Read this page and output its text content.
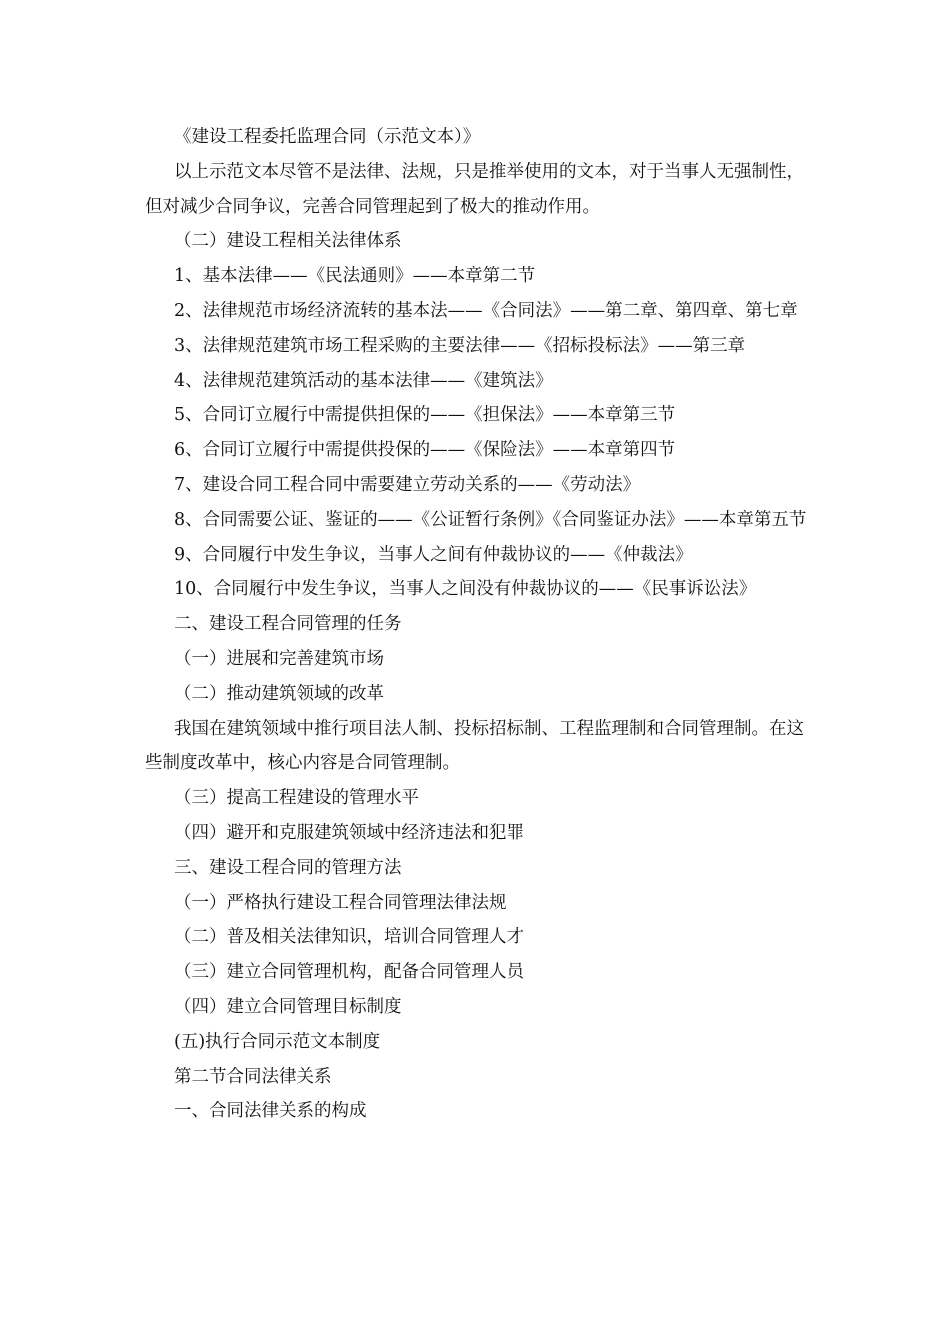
《建设工程委托监理合同（示范文本）》

以上示范文本尽管不是法律、法规，只是推举使用的文本，对于当事人无强制性，但对减少合同争议，完善合同管理起到了极大的推动作用。

（二）建设工程相关法律体系

1、基本法律——《民法通则》——本章第二节

2、法律规范市场经济流转的基本法——《合同法》——第二章、第四章、第七章

3、法律规范建筑市场工程采购的主要法律——《招标投标法》——第三章

4、法律规范建筑活动的基本法律——《建筑法》

5、合同订立履行中需提供担保的——《担保法》——本章第三节

6、合同订立履行中需提供投保的——《保险法》——本章第四节

7、建设合同工程合同中需要建立劳动关系的——《劳动法》

8、合同需要公证、鉴证的——《公证暂行条例》《合同鉴证办法》——本章第五节

9、合同履行中发生争议，当事人之间有仲裁协议的——《仲裁法》

10、合同履行中发生争议，当事人之间没有仲裁协议的——《民事诉讼法》

二、建设工程合同管理的任务

（一）进展和完善建筑市场

（二）推动建筑领域的改革

我国在建筑领域中推行项目法人制、投标招标制、工程监理制和合同管理制。在这些制度改革中，核心内容是合同管理制。

（三）提高工程建设的管理水平

（四）避开和克服建筑领域中经济违法和犯罪

三、建设工程合同的管理方法

（一）严格执行建设工程合同管理法律法规

（二）普及相关法律知识，培训合同管理人才

（三）建立合同管理机构，配备合同管理人员

（四）建立合同管理目标制度

(五)执行合同示范文本制度

第二节合同法律关系

一、合同法律关系的构成
